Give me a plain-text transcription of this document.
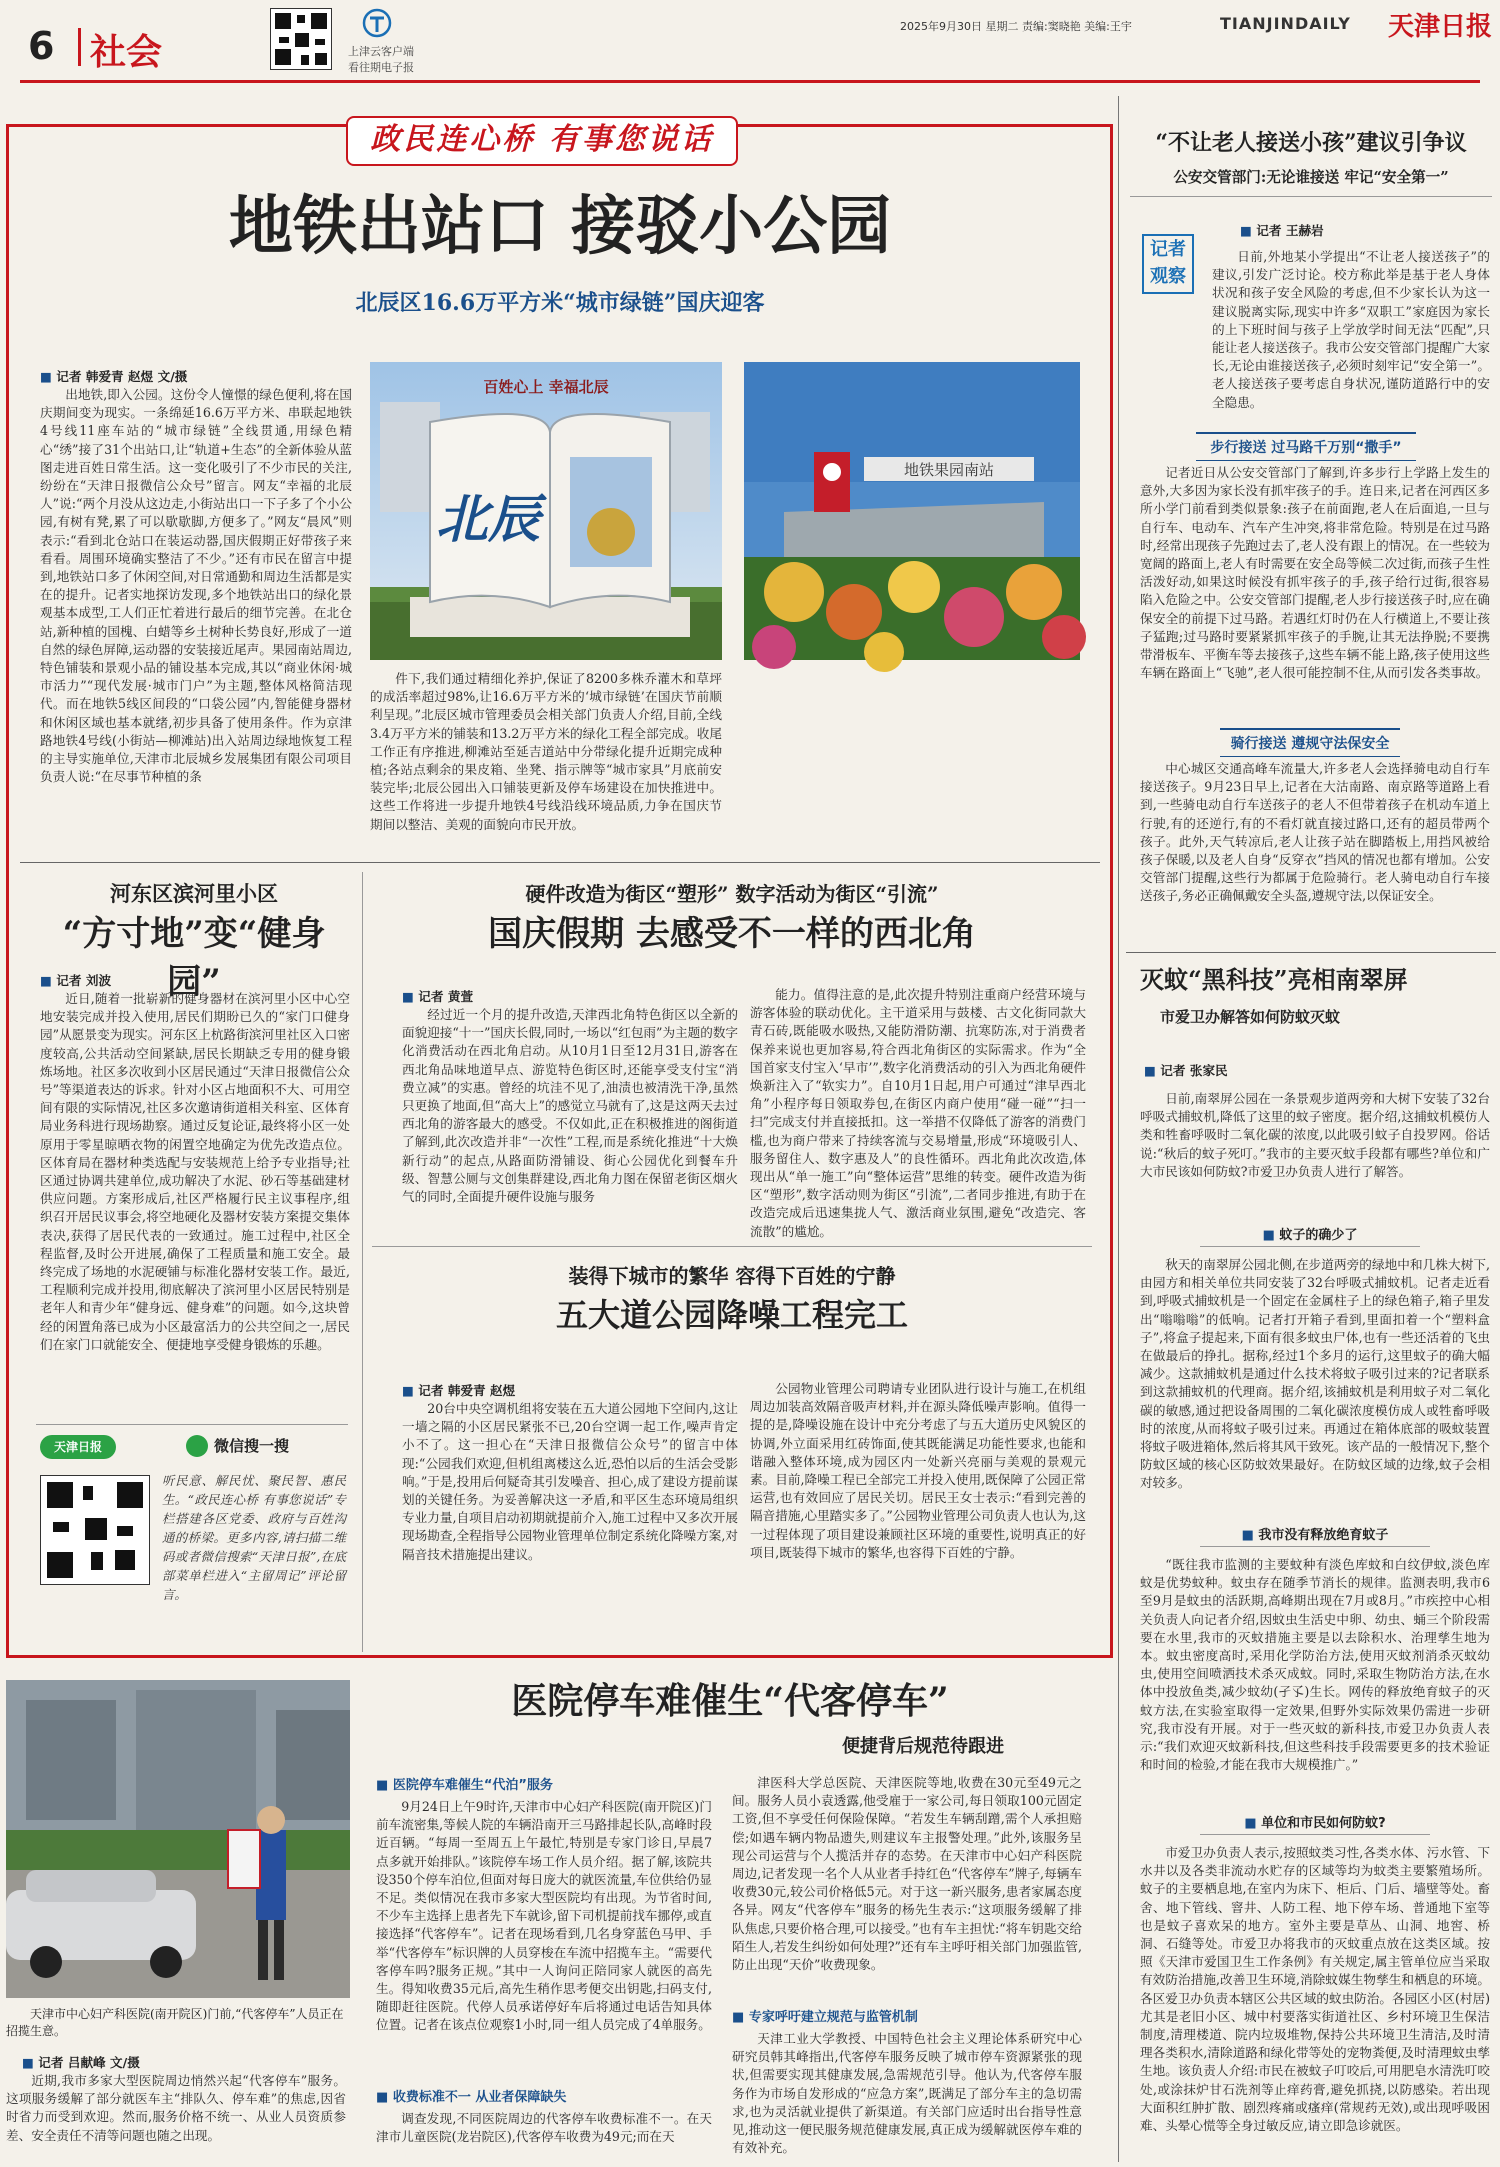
6 社会	上津云客户端
看往期电子报
2025年9月30日 星期二 责编:窦晓艳 美编:王宇	TIANJINDAILY 天津日报
政民连心桥 有事您说话
地铁出站口 接驳小公园
北辰区16.6万平方米“城市绿链”国庆迎客
■ 记者 韩爱青 赵煜 文/摄
出地铁,即入公园。这份令人憧憬的绿色便利,将在国庆期间变为现实。一条绵延16.6万平方米、串联起地铁4号线11座车站的“城市绿链”全线贯通,用绿色精心“绣”接了31个出站口,让“轨道+生态”的全新体验从蓝图走进百姓日常生活。这一变化吸引了不少市民的关注,纷纷在“天津日报微信公众号”留言。网友“幸福的北辰人”说:“两个月没从这边走,小街站出口一下子多了个小公园,有树有凳,累了可以歇歇脚,方便多了。”网友“晨风”则表示:“看到北仓站口在装运动器,国庆假期正好带孩子来看看。周围环境确实整洁了不少。”还有市民在留言中提到,地铁站口多了休闲空间,对日常通勤和周边生活都是实在的提升。记者实地探访发现,多个地铁站出口的绿化景观基本成型,工人们正忙着进行最后的细节完善。在北仓站,新种植的国槐、白蜡等乡土树种长势良好,形成了一道自然的绿色屏障,运动器的安装接近尾声。果园南站周边,特色铺装和景观小品的铺设基本完成,其以“商业休闲·城市活力”“现代发展·城市门户”为主题,整体风格简洁现代。而在地铁5线区间段的“口袋公园”内,智能健身器材和休闲区域也基本就绪,初步具备了使用条件。作为京津路地铁4号线(小街站—柳滩站)出入站周边绿地恢复工程的主导实施单位,天津市北辰城乡发展集团有限公司项目负责人说:“在尽事节种植的条
北辰
百姓心上 幸福北辰
地铁果园南站
件下,我们通过精细化养护,保证了8200多株乔灌木和草坪的成活率超过98%,让16.6万平方米的‘城市绿链’在国庆节前顺利呈现。”北辰区城市管理委员会相关部门负责人介绍,目前,全线3.4万平方米的铺装和13.2万平方米的绿化工程全部完成。收尾工作正有序推进,柳滩站至延吉道站中分带绿化提升近期完成种植;各站点剩余的果皮箱、坐凳、指示牌等“城市家具”月底前安装完毕;北辰公园出入口铺装更新及停车场建设在加快推进中。这些工作将进一步提升地铁4号线沿线环境品质,力争在国庆节期间以整洁、美观的面貌向市民开放。
河东区滨河里小区
“方寸地”变“健身园”
■ 记者 刘波
近日,随着一批崭新的健身器材在滨河里小区中心空地安装完成并投入使用,居民们期盼已久的“家门口健身园”从愿景变为现实。河东区上杭路街滨河里社区入口密度较高,公共活动空间紧缺,居民长期缺乏专用的健身锻炼场地。社区多次收到小区居民通过“天津日报微信公众号”等渠道表达的诉求。针对小区占地面积不大、可用空间有限的实际情况,社区多次邀请街道相关科室、区体育局业务科进行现场勘察。通过反复论证,最终将小区一处原用于零星晾晒衣物的闲置空地确定为优先改造点位。区体育局在器材种类选配与安装规范上给予专业指导;社区通过协调共建单位,成功解决了水泥、砂石等基础建材供应问题。方案形成后,社区严格履行民主议事程序,组织召开居民议事会,将空地硬化及器材安装方案提交集体表决,获得了居民代表的一致通过。施工过程中,社区全程监督,及时公开进展,确保了工程质量和施工安全。最终完成了场地的水泥硬铺与标准化器材安装工作。最近,工程顺利完成并投用,彻底解决了滨河里小区居民特别是老年人和青少年“健身远、健身难”的问题。如今,这块曾经的闲置角落已成为小区最富活力的公共空间之一,居民们在家门口就能安全、便捷地享受健身锻炼的乐趣。
硬件改造为街区“塑形” 数字活动为街区“引流”
国庆假期 去感受不一样的西北角
■ 记者 黄萱
经过近一个月的提升改造,天津西北角特色街区以全新的面貌迎接“十一”国庆长假,同时,一场以“红包雨”为主题的数字化消费活动在西北角启动。从10月1日至12月31日,游客在西北角品味地道早点、游览特色街区时,还能享受支付宝“消费立减”的实惠。曾经的坑洼不见了,油渍也被清洗干净,虽然只更换了地面,但“高大上”的感觉立马就有了,这是这两天去过西北角的游客最大的感受。不仅如此,正在积极推进的阁街道了解到,此次改造并非“一次性”工程,而是系统化推进“十大焕新行动”的起点,从路面防滑铺设、街心公园优化到餐车升级、智慧公厕与文创集群建设,西北角力图在保留老街区烟火气的同时,全面提升硬件设施与服务
能力。值得注意的是,此次提升特别注重商户经营环境与游客体验的联动优化。主干道采用与鼓楼、古文化街同款大青石砖,既能吸水吸热,又能防滑防潮、抗寒防冻,对于消费者保养来说也更加容易,符合西北角街区的实际需求。作为“全国首家支付宝入‘早市’”,数字化消费活动的引入为西北角硬件焕新注入了“软实力”。自10月1日起,用户可通过“津早西北角”小程序每日领取券包,在街区内商户使用“碰一碰”“扫一扫”完成支付并直接抵扣。这一举措不仅降低了游客的消费门槛,也为商户带来了持续客流与交易增量,形成“环境吸引人、服务留住人、数字惠及人”的良性循环。西北角此次改造,体现出从“单一施工”向“整体运营”思维的转变。硬件改造为街区“塑形”,数字活动则为街区“引流”,二者同步推进,有助于在改造完成后迅速集拢人气、激活商业氛围,避免“改造完、客流散”的尴尬。
装得下城市的繁华 容得下百姓的宁静
五大道公园降噪工程完工
■ 记者 韩爱青 赵煜
20台中央空调机组将安装在五大道公园地下空间内,这让一墙之隔的小区居民紧张不已,20台空调一起工作,噪声肯定小不了。这一担心在“天津日报微信公众号”的留言中体现:“公园我们欢迎,但机组离楼这么近,恐怕以后的生活会受影响。”于是,投用后何疑奇其引发噪音、担心,成了建设方提前谋划的关键任务。为妥善解决这一矛盾,和平区生态环境局组织专业力量,自项目启动初期就提前介入,施工过程中又多次开展现场勘查,全程指导公园物业管理单位制定系统化降噪方案,对隔音技术措施提出建议。
公园物业管理公司聘请专业团队进行设计与施工,在机组周边加装高效隔音吸声材料,并在源头降低噪声影响。值得一提的是,降噪设施在设计中充分考虑了与五大道历史风貌区的协调,外立面采用红砖饰面,使其既能满足功能性要求,也能和谐融入整体环境,成为园区内一处新兴亮丽与美观的景观元素。目前,降噪工程已全部完工并投入使用,既保障了公园正常运营,也有效回应了居民关切。居民王女士表示:“看到完善的隔音措施,心里踏实多了。”公园物业管理公司负责人也认为,这一过程体现了项目建设兼顾社区环境的重要性,说明真正的好项目,既装得下城市的繁华,也容得下百姓的宁静。
天津日报	微信搜一搜
听民意、解民忧、聚民智、惠民生。“政民连心桥 有事您说话”专栏搭建各区党委、政府与百姓沟通的桥梁。更多内容,请扫描二维码或者微信搜索“天津日报”,在底部菜单栏进入“主留周记”评论留言。
天津市中心妇产科医院(南开院区)门前,“代客停车”人员正在招揽生意。
■ 记者 吕献峰 文/摄
近期,我市多家大型医院周边悄然兴起“代客停车”服务。这项服务缓解了部分就医车主“排队久、停车难”的焦虑,因省时省力而受到欢迎。然而,服务价格不统一、从业人员资质参差、安全责任不清等问题也随之出现。
医院停车难催生“代客停车”
便捷背后规范待跟进
■ 医院停车难催生“代泊”服务
9月24日上午9时许,天津市中心妇产科医院(南开院区)门前车流密集,等候人院的车辆沿南开三马路排起长队,高峰时段近百辆。“每周一至周五上午最忙,特别是专家门诊日,早晨7点多就开始排队。”该院停车场工作人员介绍。据了解,该院共设350个停车泊位,但面对每日庞大的就医流量,车位供给仍显不足。类似情况在我市多家大型医院均有出现。为节省时间,不少车主选择上患者先下车就诊,留下司机提前找车挪停,或直接选择“代客停车”。记者在现场看到,几名身穿蓝色马甲、手举“代客停车”标识牌的人员穿梭在车流中招揽车主。“需要代客停车吗?服务正规。”其中一人询问正陪同家人就医的高先生。得知收费35元后,高先生稍作思考便交出钥匙,扫码支付,随即赶往医院。代停人员承诺停好车后将通过电话告知具体位置。记者在该点位观察1小时,同一组人员完成了4单服务。
■ 收费标准不一 从业者保障缺失
调查发现,不同医院周边的代客停车收费标准不一。在天津市儿童医院(龙岩院区),代客停车收费为49元;而在天
津医科大学总医院、天津医院等地,收费在30元至49元之间。服务人员小袁透露,他受雇于一家公司,每日领取100元固定工资,但不享受任何保险保障。“若发生车辆刮蹭,需个人承担赔偿;如遇车辆内物品遗失,则建议车主报警处理。”此外,该服务呈现公司运营与个人揽活并存的态势。在天津市中心妇产科医院周边,记者发现一名个人从业者手持红色“代客停车”牌子,每辆车收费30元,较公司价格低5元。对于这一新兴服务,患者家属态度各异。网友“代客停车”服务的杨先生表示:“这项服务缓解了排队焦虑,只要价格合理,可以接受。”也有车主担忧:“将车钥匙交给陌生人,若发生纠纷如何处理?”还有车主呼吁相关部门加强监管,防止出现“天价”收费现象。
■ 专家呼吁建立规范与监管机制
天津工业大学教授、中国特色社会主义理论体系研究中心研究员韩其峰指出,代客停车服务反映了城市停车资源紧张的现状,但需要实现其健康发展,急需规范引导。他认为,代客停车服务作为市场自发形成的“应急方案”,既满足了部分车主的急切需求,也为灵活就业提供了新渠道。有关部门应适时出台指导性意见,推动这一便民服务规范健康发展,真正成为缓解就医停车难的有效补充。
“不让老人接送小孩”建议引争议
公安交管部门:无论谁接送 牢记“安全第一”
记者
观察
■ 记者 王赫岩
日前,外地某小学提出“不让老人接送孩子”的建议,引发广泛讨论。校方称此举是基于老人身体状况和孩子安全风险的考虑,但不少家长认为这一建议脱离实际,现实中许多“双职工”家庭因为家长的上下班时间与孩子上学放学时间无法“匹配”,只能让老人接送孩子。我市公安交管部门提醒广大家长,无论由谁接送孩子,必须时刻牢记“安全第一”。老人接送孩子要考虑自身状况,谨防道路行中的安全隐患。
步行接送 过马路千万别“撒手”
记者近日从公安交管部门了解到,许多步行上学路上发生的意外,大多因为家长没有抓牢孩子的手。连日来,记者在河西区多所小学门前看到类似景象:孩子在前面跑,老人在后面追,一旦与自行车、电动车、汽车产生冲突,将非常危险。特别是在过马路时,经常出现孩子先跑过去了,老人没有跟上的情况。在一些较为宽阔的路面上,老人有时需要在安全岛等候二次过街,而孩子生性活泼好动,如果这时候没有抓牢孩子的手,孩子给行过街,很容易陷入危险之中。公安交管部门提醒,老人步行接送孩子时,应在确保安全的前提下过马路。若遇红灯时仍在人行横道上,不要让孩子猛跑;过马路时要紧紧抓牢孩子的手腕,让其无法挣脱;不要携带滑板车、平衡车等去接孩子,这些车辆不能上路,孩子使用这些车辆在路面上“飞驰”,老人很可能控制不住,从而引发各类事故。
骑行接送 遵规守法保安全
中心城区交通高峰车流量大,许多老人会选择骑电动自行车接送孩子。9月23日早上,记者在大沽南路、南京路等道路上看到,一些骑电动自行车送孩子的老人不但带着孩子在机动车道上行驶,有的还逆行,有的不看灯就直接过路口,还有的超员带两个孩子。此外,天气转凉后,老人让孩子站在脚踏板上,用挡风被给孩子保暖,以及老人自身“反穿衣”挡风的情况也都有增加。公安交管部门提醒,这些行为都属于危险骑行。老人骑电动自行车接送孩子,务必正确佩戴安全头盔,遵规守法,以保证安全。
灭蚊“黑科技”亮相南翠屏
市爱卫办解答如何防蚊灭蚊
■ 记者 张家民
日前,南翠屏公园在一条景观步道两旁和大树下安装了32台呼吸式捕蚊机,降低了这里的蚊子密度。据介绍,这捕蚊机模仿人类和牲畜呼吸时二氧化碳的浓度,以此吸引蚊子自投罗网。俗话说:“秋后的蚊子死叮。”我市的主要灭蚊手段都有哪些?单位和广大市民该如何防蚊?市爱卫办负责人进行了解答。
■ 蚊子的确少了
秋天的南翠屏公园北侧,在步道两旁的绿地中和几株大树下,由园方和相关单位共同安装了32台呼吸式捕蚊机。记者走近看到,呼吸式捕蚊机是一个固定在金属柱子上的绿色箱子,箱子里发出“嗡嗡嗡”的低响。记者打开箱子看到,里面扣着一个“塑料盒子”,将盒子提起来,下面有很多蚊虫尸体,也有一些还活着的飞虫在做最后的挣扎。据称,经过1个多月的运行,这里蚊子的确大幅减少。这款捕蚊机是通过什么技术将蚊子吸引过来的?记者联系到这款捕蚊机的代理商。据介绍,该捕蚊机是利用蚊子对二氧化碳的敏感,通过把设备周围的二氧化碳浓度模仿成人或牲畜呼吸时的浓度,从而将蚊子吸引过来。再通过在箱体底部的吸蚊装置将蚊子吸进箱体,然后将其风干致死。该产品的一般情况下,整个防蚊区域的核心区防蚊效果最好。在防蚊区域的边缘,蚊子会相对较多。
■ 我市没有释放绝育蚊子
“既往我市监测的主要蚊种有淡色库蚊和白纹伊蚊,淡色库蚊是优势蚊种。蚊虫存在随季节消长的规律。监测表明,我市6至9月是蚊虫的活跃期,高峰期出现在7月或8月。”市疾控中心相关负责人向记者介绍,因蚊虫生活史中卵、幼虫、蛹三个阶段需要在水里,我市的灭蚊措施主要是以去除积水、治理孳生地为本。蚊虫密度高时,采用化学防治方法,使用灭蚊剂消杀灭蚊幼虫,使用空间喷洒技术杀灭成蚊。同时,采取生物防治方法,在水体中投放鱼类,减少蚊幼(孑孓)生长。网传的释放绝育蚊子的灭蚊方法,在实验室取得一定效果,但野外实际效果仍需进一步研究,我市没有开展。对于一些灭蚊的新科技,市爱卫办负责人表示:“我们欢迎灭蚊新科技,但这些科技手段需要更多的技术验证和时间的检验,才能在我市大规模推广。”
■ 单位和市民如何防蚊?
市爱卫办负责人表示,按照蚊类习性,各类水体、污水管、下水井以及各类非流动水贮存的区域等均为蚊类主要繁殖场所。蚊子的主要栖息地,在室内为床下、柜后、门后、墙壁等处。畜舍、地下管线、窨井、人防工程、地下停车场、普通地下室等也是蚊子喜欢呆的地方。室外主要是草丛、山洞、地窖、桥洞、石缝等处。市爱卫办将我市的灭蚊重点放在这类区域。按照《天津市爱国卫生工作条例》有关规定,属主管单位应当采取有效防治措施,改善卫生环境,消除蚊媒生物孳生和栖息的环境。各区爱卫办负责本辖区公共区域的蚊虫防治。各园区小区(村居)尤其是老旧小区、城中村要落实街道社区、乡村环境卫生保洁制度,清理楼道、院内垃圾堆物,保持公共环境卫生清洁,及时清理各类积水,清除道路和绿化带等处的宠物粪便,及时清理蚊虫孳生地。该负责人介绍:市民在被蚊子叮咬后,可用肥皂水清洗叮咬处,或涂抹炉甘石洗剂等止痒药膏,避免抓挠,以防感染。若出现大面积红肿扩散、剧烈疼痛或瘙痒(常规药无效),或出现呼吸困难、头晕心慌等全身过敏反应,请立即急诊就医。
